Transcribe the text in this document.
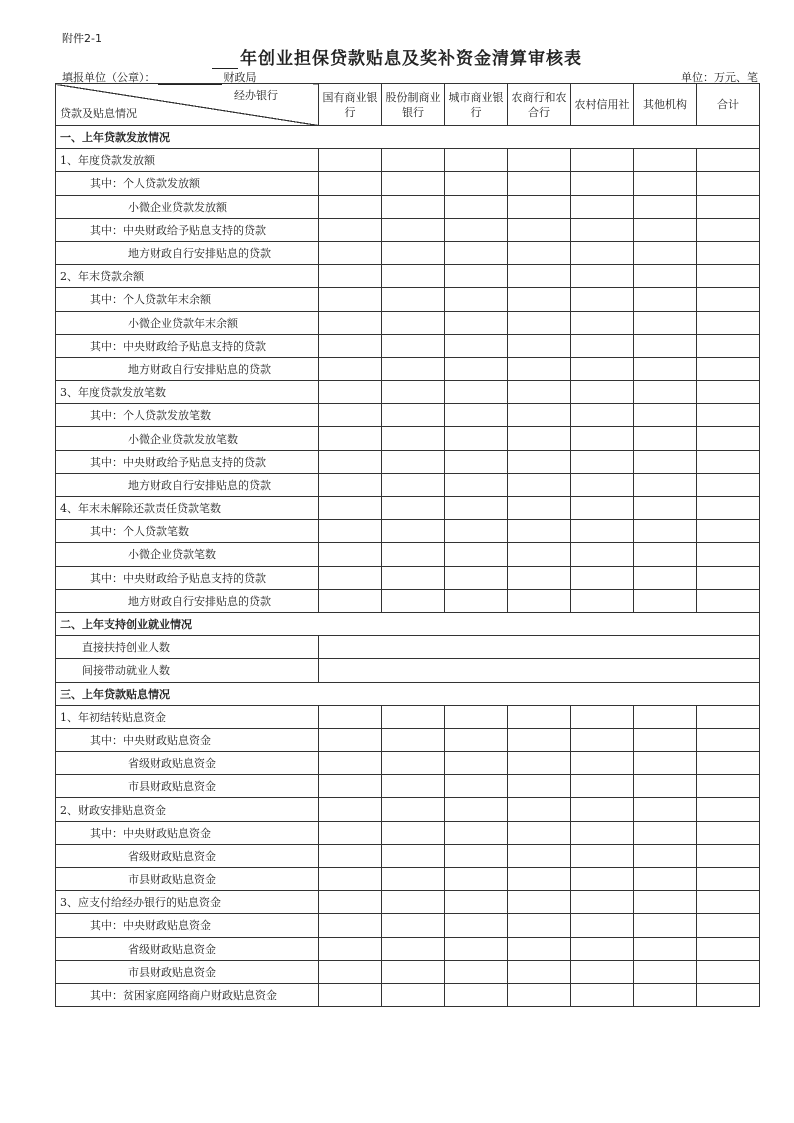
附件2-1
年创业担保贷款贴息及奖补资金清算审核表
填报单位（公章）：	财政局	单位：万元、笔
经办银行
贷款及贴息情况	国有商业银行	股份制商业银行	城市商业银行	农商行和农合行	农村信用社	其他机构	合计
一、上年贷款发放情况							
1、年度贷款发放额							
其中：个人贷款发放额							
小微企业贷款发放额							
其中：中央财政给予贴息支持的贷款							
地方财政自行安排贴息的贷款							
2、年末贷款余额							
其中：个人贷款年末余额							
小微企业贷款年末余额							
其中：中央财政给予贴息支持的贷款							
地方财政自行安排贴息的贷款							
3、年度贷款发放笔数							
其中：个人贷款发放笔数							
小微企业贷款发放笔数							
其中：中央财政给予贴息支持的贷款							
地方财政自行安排贴息的贷款							
4、年末未解除还款责任贷款笔数							
其中：个人贷款笔数							
小微企业贷款笔数							
其中：中央财政给予贴息支持的贷款							
地方财政自行安排贴息的贷款							
二、上年支持创业就业情况							
直接扶持创业人数							
间接带动就业人数							
三、上年贷款贴息情况							
1、年初结转贴息资金							
其中：中央财政贴息资金							
省级财政贴息资金							
市县财政贴息资金							
2、财政安排贴息资金							
其中：中央财政贴息资金							
省级财政贴息资金							
市县财政贴息资金							
3、应支付给经办银行的贴息资金							
其中：中央财政贴息资金							
省级财政贴息资金							
市县财政贴息资金							
其中：贫困家庭网络商户财政贴息资金							
